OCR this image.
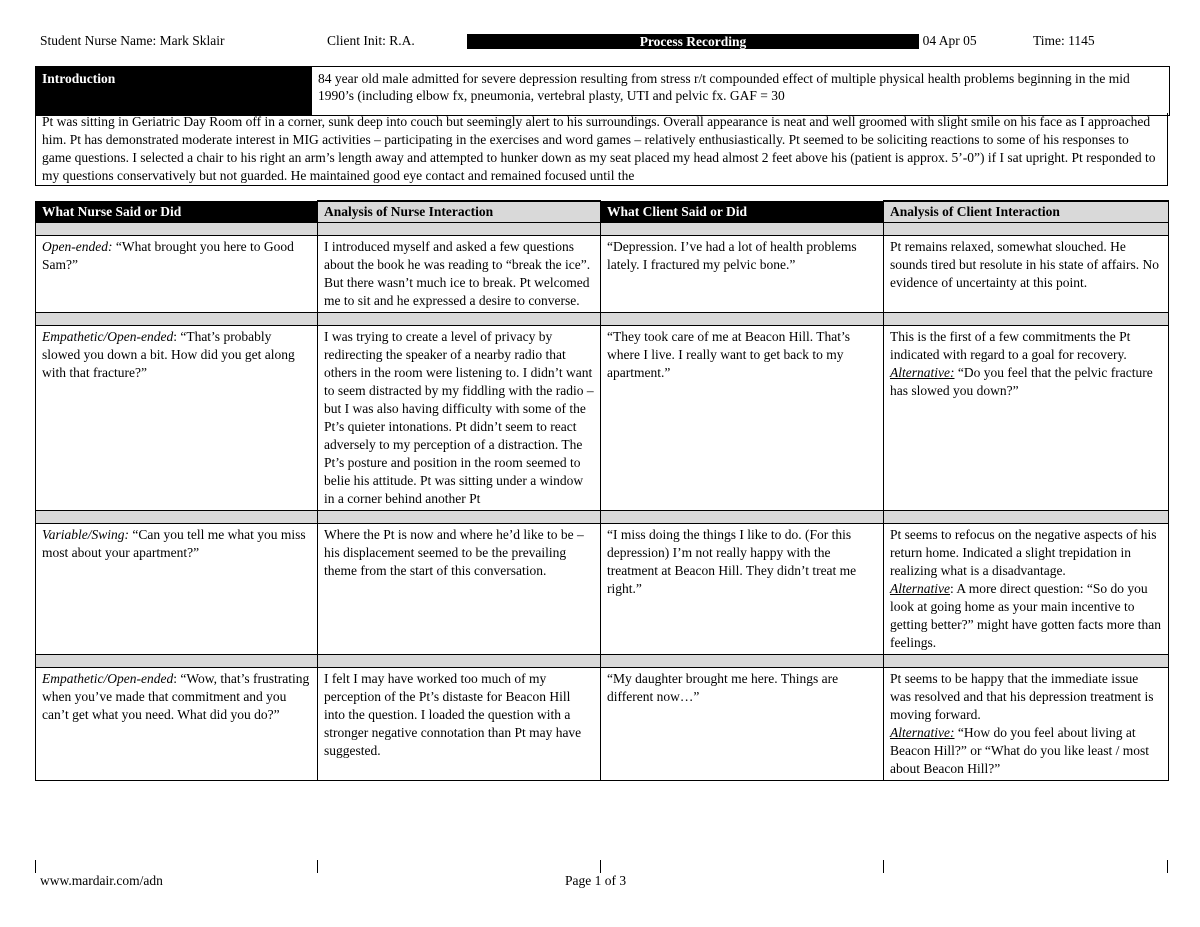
Student Nurse Name: Mark Sklair	Client Init: R.A.	Process Recording	Date: 04 Apr 05	Time: 1145
Introduction	84 year old male admitted for severe depression resulting from stress r/t compounded effect of multiple physical health problems beginning in the mid 1990’s (including elbow fx, pneumonia, vertebral plasty, UTI and pelvic fx. GAF = 30
Pt was sitting in Geriatric Day Room off in a corner, sunk deep into couch but seemingly alert to his surroundings. Overall appearance is neat and well groomed with slight smile on his face as I approached him. Pt has demonstrated moderate interest in MIG activities – participating in the exercises and word games – relatively enthusiastically. Pt seemed to be soliciting reactions to some of his responses to game questions. I selected a chair to his right an arm’s length away and attempted to hunker down as my seat placed my head almost 2 feet above his (patient is approx. 5’-0”) if I sat upright. Pt responded to my questions conservatively but not guarded. He maintained good eye contact and remained focused until the
What Nurse Said or Did	Analysis of Nurse Interaction	What Client Said or Did	Analysis of Client Interaction

Open-ended: “What brought you here to Good Sam?”	I introduced myself and asked a few questions about the book he was reading to “break the ice”. But there wasn’t much ice to break. Pt welcomed me to sit and he expressed a desire to converse.	“Depression. I’ve had a lot of health problems lately. I fractured my pelvic bone.”	Pt remains relaxed, somewhat slouched. He sounds tired but resolute in his state of affairs. No evidence of uncertainty at this point.

Empathetic/Open-ended: “That’s probably slowed you down a bit. How did you get along with that fracture?”	I was trying to create a level of privacy by redirecting the speaker of a nearby radio that others in the room were listening to. I didn’t want to seem distracted by my fiddling with the radio – but I was also having difficulty with some of the Pt’s quieter intonations. Pt didn’t seem to react adversely to my perception of a distraction. The Pt’s posture and position in the room seemed to belie his attitude. Pt was sitting under a window in a corner behind another Pt	“They took care of me at Beacon Hill. That’s where I live. I really want to get back to my apartment.”	This is the first of a few commitments the Pt indicated with regard to a goal for recovery.
Alternative: “Do you feel that the pelvic fracture has slowed you down?”

Variable/Swing: “Can you tell me what you miss most about your apartment?”	Where the Pt is now and where he’d like to be – his displacement seemed to be the prevailing theme from the start of this conversation.	“I miss doing the things I like to do. (For this depression) I’m not really happy with the treatment at Beacon Hill. They didn’t treat me right.”	Pt seems to refocus on the negative aspects of his return home. Indicated a slight trepidation in realizing what is a disadvantage.
Alternative: A more direct question: “So do you look at going home as your main incentive to getting better?” might have gotten facts more than feelings.

Empathetic/Open-ended: “Wow, that’s frustrating when you’ve made that commitment and you can’t get what you need. What did you do?”	I felt I may have worked too much of my perception of the Pt’s distaste for Beacon Hill into the question. I loaded the question with a stronger negative connotation than Pt may have suggested.	“My daughter brought me here. Things are different now…”	Pt seems to be happy that the immediate issue was resolved and that his depression treatment is moving forward.
Alternative: “How do you feel about living at Beacon Hill?” or “What do you like least / most about Beacon Hill?”
www.mardair.com/adn	Page 1 of 3
